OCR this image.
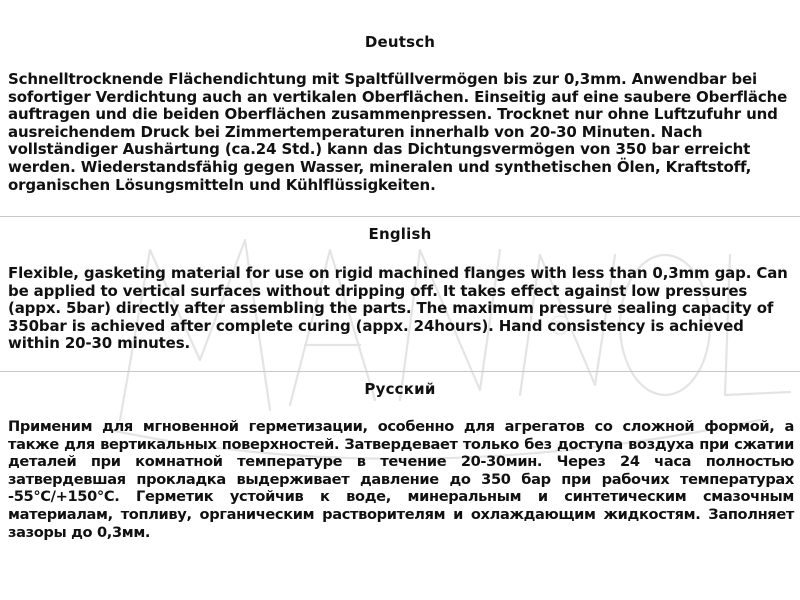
Deutsch
Schnelltrocknende Flächendichtung mit Spaltfüllvermögen bis zur 0,3mm. Anwendbar bei sofortiger Verdichtung auch an vertikalen Oberflächen. Einseitig auf eine saubere Oberfläche auftragen und die beiden Oberflächen zusammenpressen. Trocknet nur ohne Luftzufuhr und ausreichendem Druck bei Zimmertemperaturen innerhalb von 20-30 Minuten. Nach vollständiger Aushärtung (ca.24 Std.) kann das Dichtungsvermögen von 350 bar erreicht werden. Wiederstandsfähig gegen Wasser, mineralen und synthetischen Ölen, Kraftstoff, organischen Lösungsmitteln und Kühlflüssigkeiten.
English
Flexible, gasketing material for use on rigid machined flanges with less than 0,3mm gap. Can be applied to vertical surfaces without dripping off. It takes effect against low pressures (appx. 5bar) directly after assembling the parts. The maximum pressure sealing capacity of 350bar is achieved after complete curing (appx. 24hours). Hand consistency is achieved within 20-30 minutes.
Русский
Применим для мгновенной герметизации, особенно для агрегатов со сложной формой, а также для вертикальных поверхностей. Затвердевает только без доступа воздуха при сжатии деталей при комнатной температуре в течение 20-30мин. Через 24 часа полностью затвердевшая прокладка выдерживает давление до 350 бар при рабочих температурах -55°C/+150°C. Герметик устойчив к воде, минеральным и синтетическим смазочным материалам, топливу, органическим растворителям и охлаждающим жидкостям. Заполняет зазоры до 0,3мм.
